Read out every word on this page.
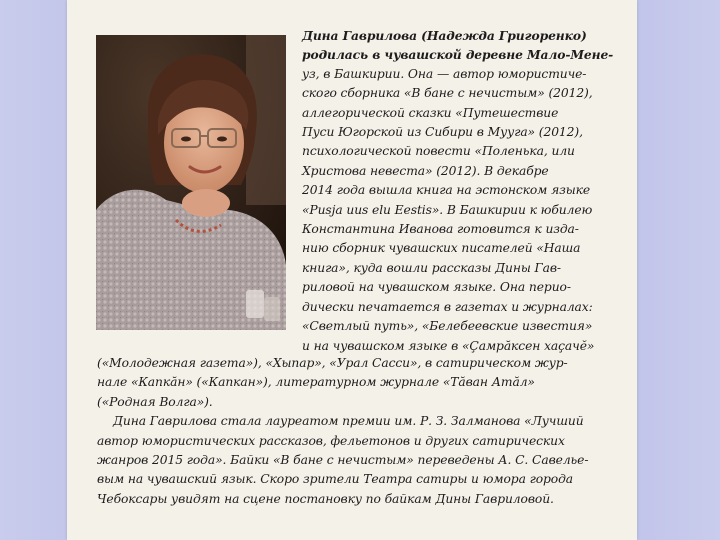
Дина Гаврилова (Надежда Григоренко)
родилась в чувашской деревне Мало-Мене-
уз, в Башкирии. Она — автор юмористиче-
ского сборника «В бане с нечистым» (2012),
аллегорической сказки «Путешествие
Пуси Югорской из Сибири в Мууга» (2012),
психологической повести «Поленька, или
Христова невеста» (2012). В декабре
2014 года вышла книга на эстонском языке
«Pusja uus elu Eestis». В Башкирии к юбилею
Константина Иванова готовится к изда-
нию сборник чувашских писателей «Наша
книга», куда вошли рассказы Дины Гав-
риловой на чувашском языке. Она перио-
дически печатается в газетах и журналах:
«Светлый путь», «Белебеевские известия»
и на чувашском языке в «Çамрăксен хаçачĕ»
(«Молодежная газета»), «Хыпар», «Урал Сасси», в сатирическом жур-
нале «Капкăн» («Капкан»), литературном журнале «Тăван Атăл»
(«Родная Волга»).
Дина Гаврилова стала лауреатом премии им. Р. З. Залманова «Лучший
автор юмористических рассказов, фельетонов и других сатирических
жанров 2015 года». Байки «В бане с нечистым» переведены А. С. Савелье-
вым на чувашский язык. Скоро зрители Театра сатиры и юмора города
Чебоксары увидят на сцене постановку по байкам Дины Гавриловой.
